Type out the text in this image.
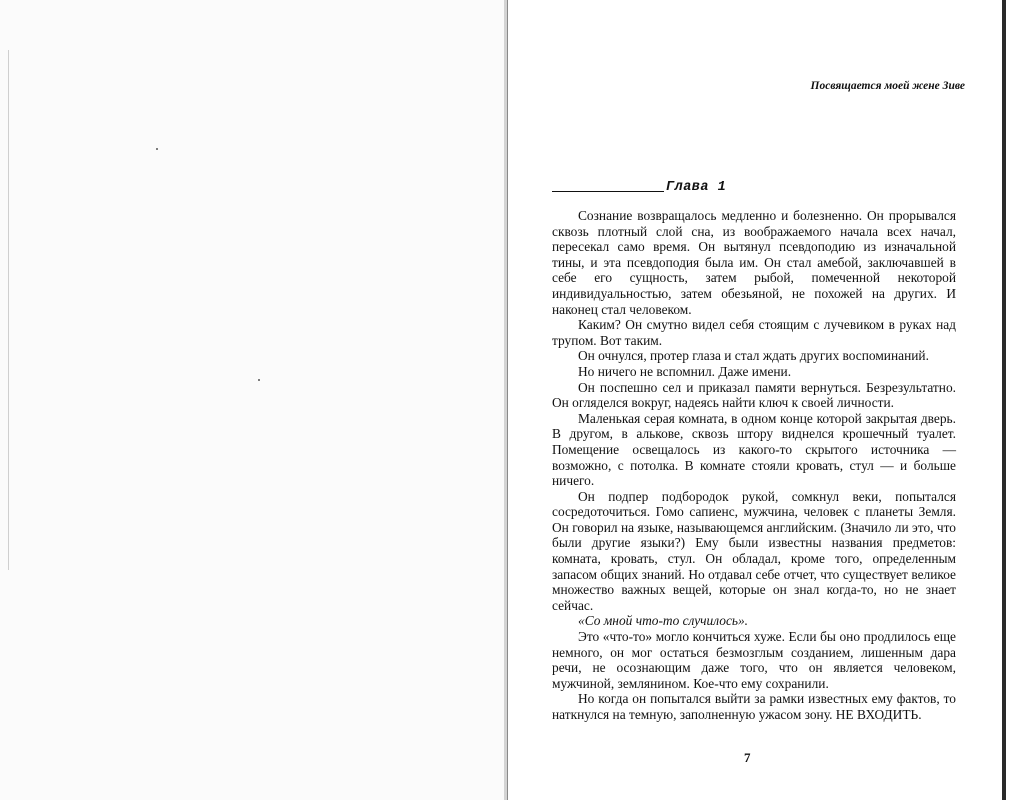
Посвящается моей жене Зиве
Глава 1

Сознание возвращалось медленно и болезненно. Он прорывался сквозь плотный слой сна, из воображаемого начала всех начал, пересекал само время. Он вытянул псевдоподию из изначальной тины, и эта псевдоподия была им. Он стал амебой, заключавшей в себе его сущность, затем рыбой, помеченной некоторой индивидуальностью, затем обезьяной, не похожей на других. И наконец стал человеком.

Каким? Он смутно видел себя стоящим с лучевиком в руках над трупом. Вот таким.

Он очнулся, протер глаза и стал ждать других воспоминаний.

Но ничего не вспомнил. Даже имени.

Он поспешно сел и приказал памяти вернуться. Безрезультатно. Он огляделся вокруг, надеясь найти ключ к своей личности.

Маленькая серая комната, в одном конце которой закрытая дверь. В другом, в алькове, сквозь штору виднелся крошечный туалет. Помещение освещалось из какого-то скрытого источника — возможно, с потолка. В комнате стояли кровать, стул — и больше ничего.

Он подпер подбородок рукой, сомкнул веки, попытался сосредоточиться. Гомо сапиенс, мужчина, человек с планеты Земля. Он говорил на языке, называющемся английским. (Значило ли это, что были другие языки?) Ему были известны названия предметов: комната, кровать, стул. Он обладал, кроме того, определенным запасом общих знаний. Но отдавал себе отчет, что существует великое множество важных вещей, которые он знал когда-то, но не знает сейчас.

«Со мной что-то случилось».

Это «что-то» могло кончиться хуже. Если бы оно продлилось еще немного, он мог остаться безмозглым созданием, лишенным дара речи, не осознающим даже того, что он является человеком, мужчиной, землянином. Кое-что ему сохранили.

Но когда он попытался выйти за рамки известных ему фактов, то наткнулся на темную, заполненную ужасом зону. НЕ ВХОДИТЬ.

7
